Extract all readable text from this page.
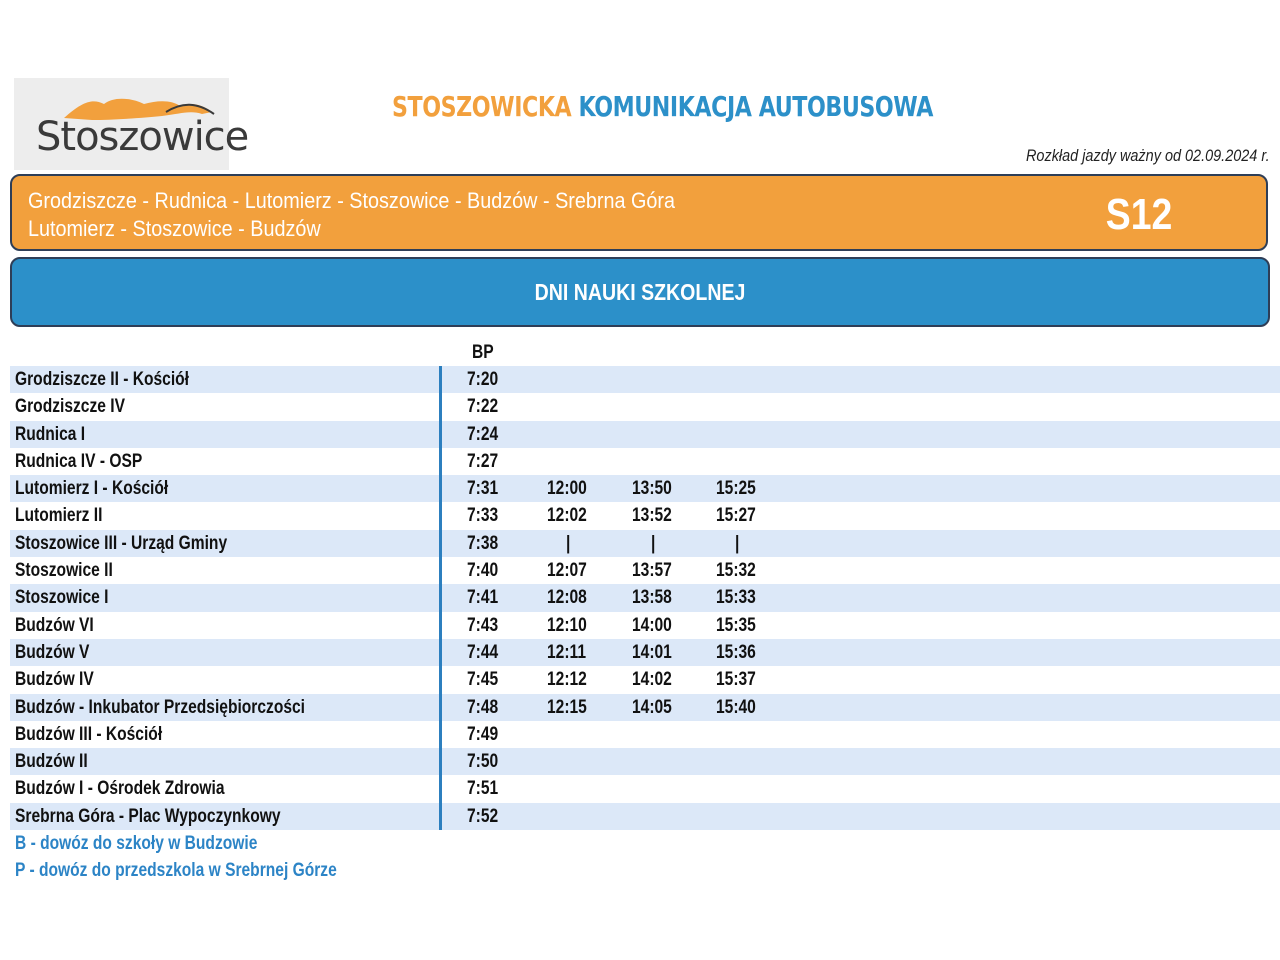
Stoszowice
STOSZOWICKA KOMUNIKACJA AUTOBUSOWA
Rozkład jazdy ważny od 02.09.2024 r.
Grodziszcze - Rudnica - Lutomierz - Stoszowice - Budzów - Srebrna Góra
Lutomierz - Stoszowice - Budzów	S12
DNI NAUKI SZKOLNEJ
BP
Grodziszcze II - Kościół	7:20
Grodziszcze IV	7:22
Rudnica I	7:24
Rudnica IV - OSP	7:27
Lutomierz I - Kościół	7:31	12:00 13:50 15:25
Lutomierz II	7:33	12:02 13:52 15:27
Stoszowice III - Urząd Gminy	7:38	|	|	|
Stoszowice II	7:40	12:07 13:57 15:32
Stoszowice I	7:41	12:08 13:58 15:33
Budzów VI	7:43	12:10 14:00 15:35
Budzów V	7:44	12:11 14:01 15:36
Budzów IV	7:45	12:12 14:02 15:37
Budzów - Inkubator Przedsiębiorczości	7:48	12:15 14:05 15:40
Budzów III - Kościół	7:49
Budzów II	7:50
Budzów I - Ośrodek Zdrowia	7:51
Srebrna Góra - Plac Wypoczynkowy	7:52
B - dowóz do szkoły w Budzowie
P - dowóz do przedszkola w Srebrnej Górze
